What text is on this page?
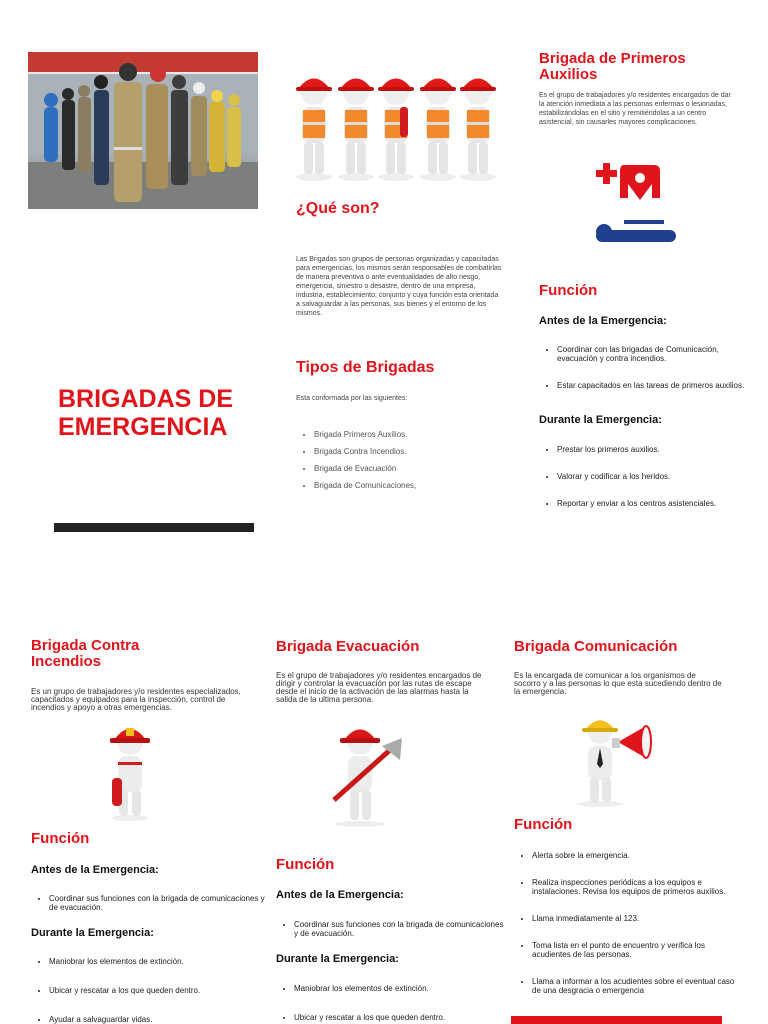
BRIGADAS DE

EMERGENCIA

¿Qué son?

Las Brigadas son grupos de personas organizadas y capacitadas para emergencias, los mismos serán responsables de combatirlas de manera preventiva o ante eventualidades de alto riesgo, emergencia, siniestro o desastre, dentro de una empresa, industria, establecimiento, conjunto y cuya función esta orientada a salvaguardar a las personas, sus bienes y el entorno de los mismos.

Tipos de Brigadas

Esta conformada por las siguientes:

• Brigada Primeros Auxilios.
• Brigada Contra Incendios.
• Brigada de Evacuación
• Brigada de Comunicaciones,
Brigada de Primeros Auxilios

Es el grupo de trabajadores y/o residentes encargados de dar la atención inmediata a las personas enfermas o lesionadas, estabilizándolas en el sitio y remitiéndolas a un centro asistencial, sin causarles mayores complicaciones.

Función
Antes de la Emergencia:
• Coordinar con las brigadas de Comunicación, evacuación y contra incendios.
• Estar capacitados en las tareas de primeros auxilios.
Durante la Emergencia:
• Prestar los primeros auxilios.
• Valorar y codificar a los heridos.
• Reportar y enviar a los centros asistenciales.
Brigada Contra Incendios

Es un grupo de trabajadores y/o residentes especializados, capacitados y equipados para la inspección, control de incendios y apoyo a otras emergencias.

Función
Antes de la Emergencia:
• Coordinar sus funciones con la brigada de comunicaciones y de evacuación.
Durante la Emergencia:
• Maniobrar los elementos de extinción.
• Ubicar y rescatar a los que queden dentro.
• Ayudar a salvaguardar vidas.
Brigada Evacuación

Es el grupo de trabajadores y/o residentes encargados de dirigir y controlar la evacuación por las rutas de escape desde el inicio de la activación de las alarmas hasta la salida de la ultima persona.

Función
Antes de la Emergencia:
• Coordinar sus funciones con la brigada de comunicaciones y de evacuación.
Durante la Emergencia:
• Maniobrar los elementos de extinción.
• Ubicar y rescatar a los que queden dentro.
Brigada Comunicación

Es la encargada de comunicar a los organismos de socorro y a las personas lo que esta sucediendo dentro de la emergencia.

Función
• Alerta sobre la emergencia.
• Realiza inspecciones periódicas a los equipos e instalaciones. Revisa los equipos de primeros auxilios.
• Llama inmediatamente al 123.
• Toma lista en el punto de encuentro y verifica los acudientes de las personas.
• Llama a informar a los acudientes sobre el eventual caso de una desgracia o emergencia
